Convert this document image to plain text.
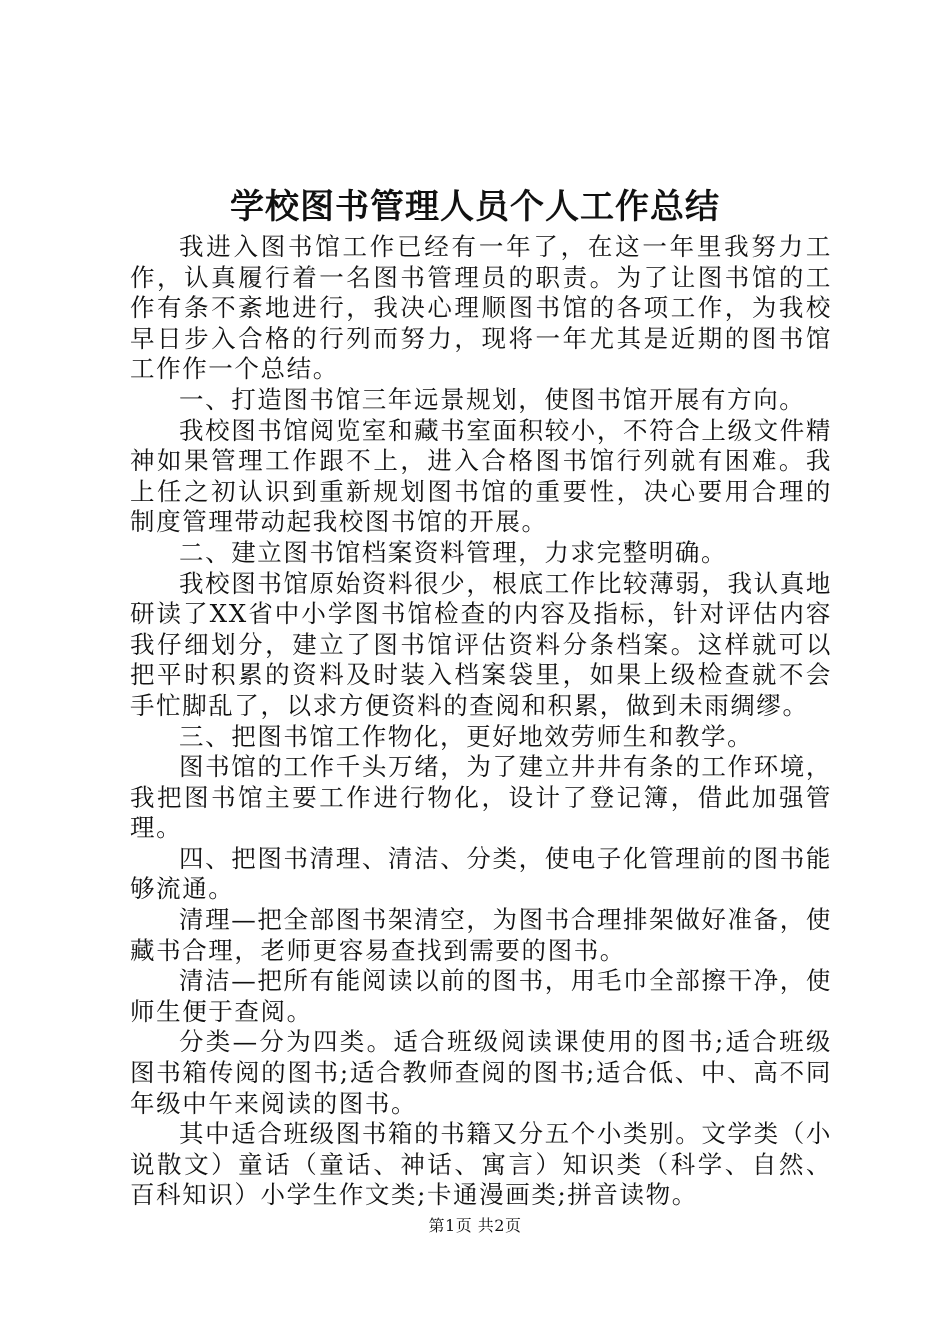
学校图书管理人员个人工作总结

我进入图书馆工作已经有一年了，在这一年里我努力工作，认真履行着一名图书管理员的职责。为了让图书馆的工作有条不紊地进行，我决心理顺图书馆的各项工作，为我校早日步入合格的行列而努力，现将一年尤其是近期的图书馆工作作一个总结。

一、打造图书馆三年远景规划，使图书馆开展有方向。

我校图书馆阅览室和藏书室面积较小，不符合上级文件精神如果管理工作跟不上，进入合格图书馆行列就有困难。我上任之初认识到重新规划图书馆的重要性，决心要用合理的制度管理带动起我校图书馆的开展。

二、建立图书馆档案资料管理，力求完整明确。

我校图书馆原始资料很少，根底工作比较薄弱，我认真地研读了XX省中小学图书馆检查的内容及指标，针对评估内容我仔细划分，建立了图书馆评估资料分条档案。这样就可以把平时积累的资料及时装入档案袋里，如果上级检查就不会手忙脚乱了，以求方便资料的查阅和积累，做到未雨绸缪。

三、把图书馆工作物化，更好地效劳师生和教学。

图书馆的工作千头万绪，为了建立井井有条的工作环境，我把图书馆主要工作进行物化，设计了登记簿，借此加强管理。

四、把图书清理、清洁、分类，使电子化管理前的图书能够流通。

清理—把全部图书架清空，为图书合理排架做好准备，使藏书合理，老师更容易查找到需要的图书。

清洁—把所有能阅读以前的图书，用毛巾全部擦干净，使师生便于查阅。

分类—分为四类。适合班级阅读课使用的图书;适合班级图书箱传阅的图书;适合教师查阅的图书;适合低、中、高不同年级中午来阅读的图书。

其中适合班级图书箱的书籍又分五个小类别。文学类（小说散文）童话（童话、神话、寓言）知识类（科学、自然、百科知识）小学生作文类;卡通漫画类;拼音读物。

第1页 共2页
